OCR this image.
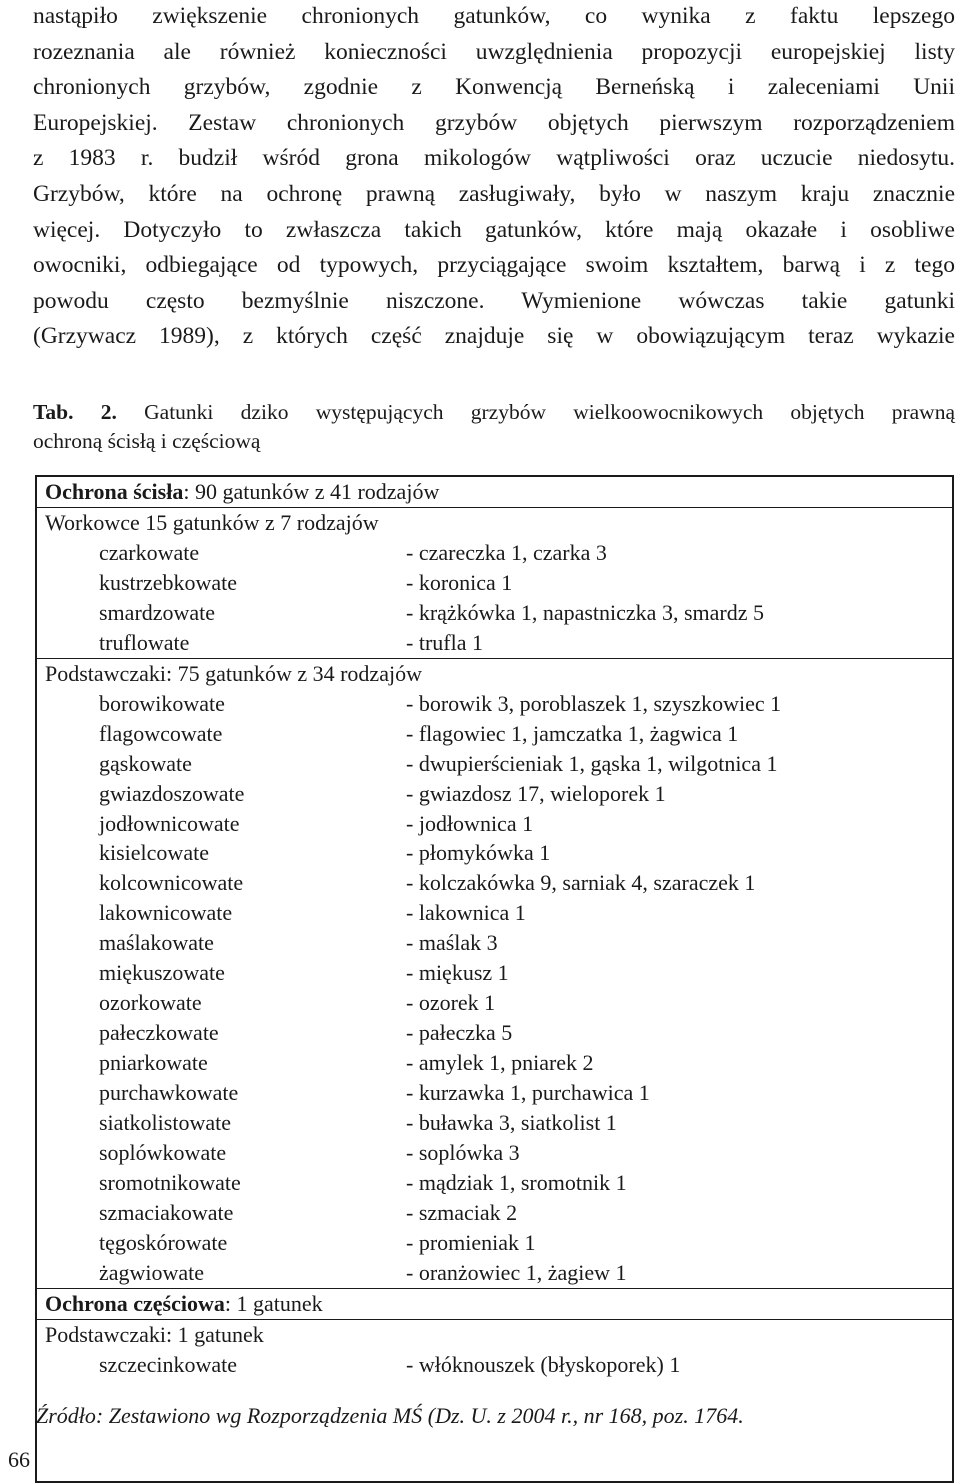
nastąpiło zwiększenie chronionych gatunków, co wynika z faktu lepszego
rozeznania ale również konieczności uwzględnienia propozycji europejskiej listy
chronionych grzybów, zgodnie z Konwencją Berneńską i zaleceniami Unii
Europejskiej. Zestaw chronionych grzybów objętych pierwszym rozporządzeniem
z 1983 r. budził wśród grona mikologów wątpliwości oraz uczucie niedosytu.
Grzybów, które na ochronę prawną zasługiwały, było w naszym kraju znacznie
więcej. Dotyczyło to zwłaszcza takich gatunków, które mają okazałe i osobliwe
owocniki, odbiegające od typowych, przyciągające swoim kształtem, barwą i z tego
powodu często bezmyślnie niszczone. Wymienione wówczas takie gatunki
(Grzywacz 1989), z których część znajduje się w obowiązującym teraz wykazie
Tab. 2. Gatunki dziko występujących grzybów wielkoowocnikowych objętych prawną
ochroną ścisłą i częściową
Ochrona ścisła: 90 gatunków z 41 rodzajów
Workowce 15 gatunków z 7 rodzajów
czarkowate	- czareczka 1, czarka 3
kustrzebkowate	- koronica 1
smardzowate	- krążkówka 1, napastniczka 3, smardz 5
truflowate	- trufla 1
Podstawczaki: 75 gatunków z 34 rodzajów
borowikowate	- borowik 3, poroblaszek 1, szyszkowiec 1
flagowcowate	- flagowiec 1, jamczatka 1, żagwica 1
gąskowate	- dwupierścieniak 1, gąska 1, wilgotnica 1
gwiazdoszowate	- gwiazdosz 17, wieloporek 1
jodłownicowate	- jodłownica 1
kisielcowate	- płomykówka 1
kolcownicowate	- kolczakówka 9, sarniak 4, szaraczek 1
lakownicowate	- lakownica 1
maślakowate	- maślak 3
miękuszowate	- miękusz 1
ozorkowate	- ozorek 1
pałeczkowate	- pałeczka 5
pniarkowate	- amylek 1, pniarek 2
purchawkowate	- kurzawka 1, purchawica 1
siatkolistowate	- buławka 3, siatkolist 1
soplówkowate	- soplówka 3
sromotnikowate	- mądziak 1, sromotnik 1
szmaciakowate	- szmaciak 2
tęgoskórowate	- promieniak 1
żagwiowate	- oranżowiec 1, żagiew 1
Ochrona częściowa: 1 gatunek
Podstawczaki: 1 gatunek
szczecinkowate	- włóknouszek (błyskoporek) 1
Źródło: Zestawiono wg Rozporządzenia MŚ (Dz. U. z 2004 r., nr 168, poz. 1764.
66
